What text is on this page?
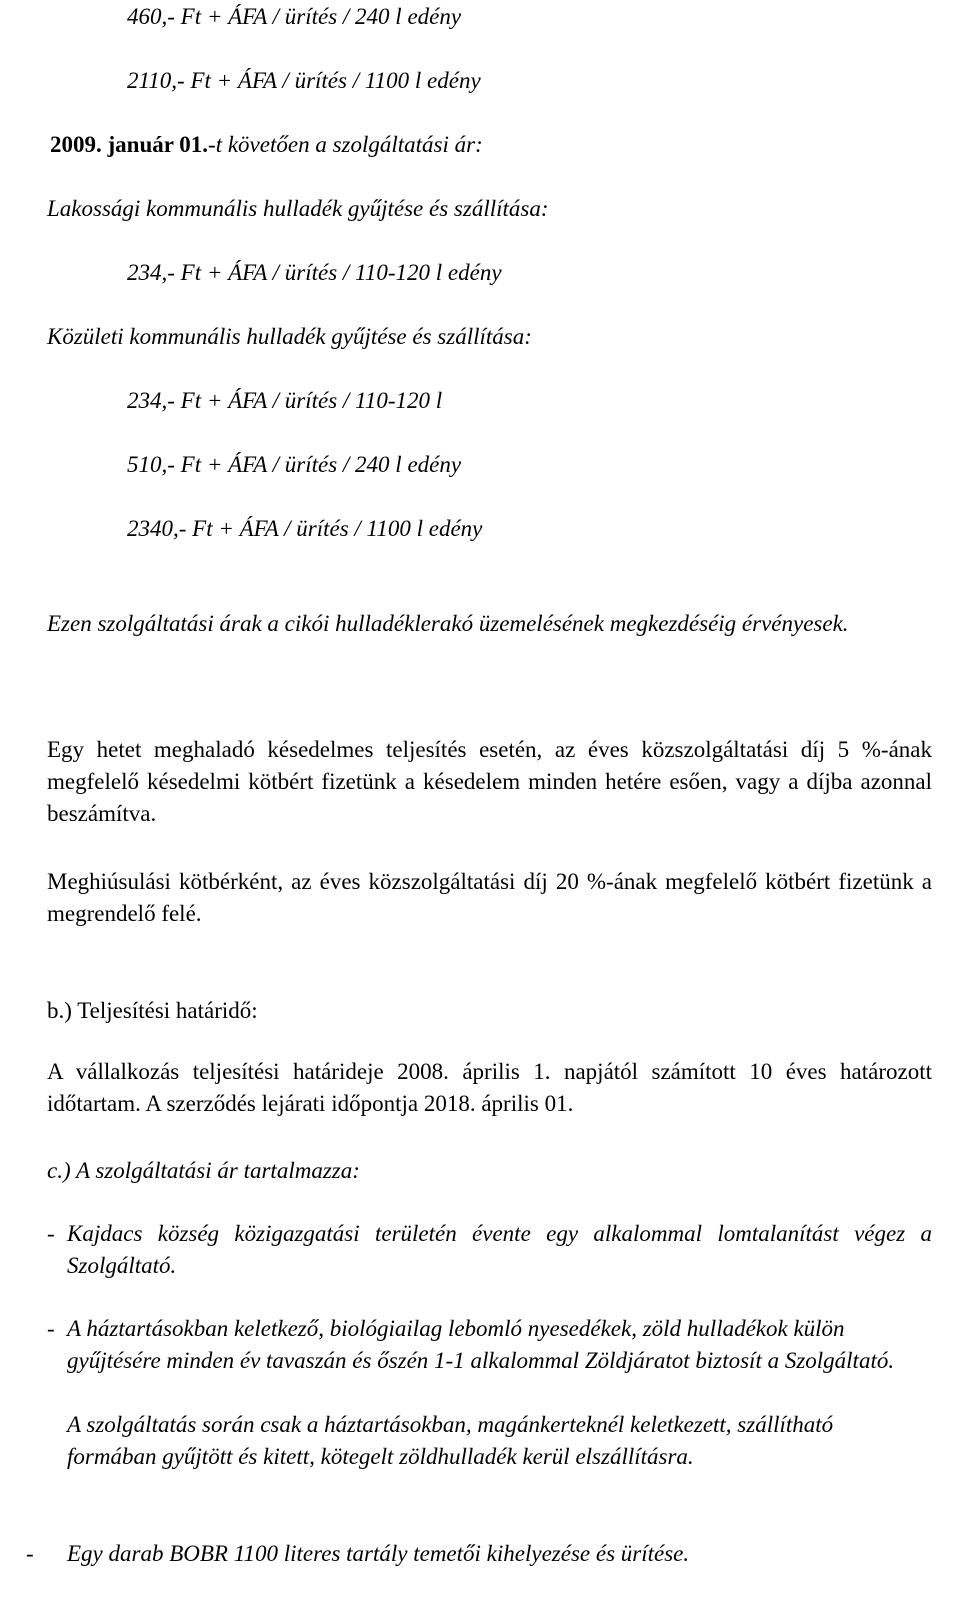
460,- Ft + ÁFA / ürítés / 240 l edény
2110,- Ft + ÁFA / ürítés / 1100 l edény
2009. január 01.-t követően a szolgáltatási ár:
Lakossági kommunális hulladék gyűjtése és szállítása:
234,- Ft + ÁFA / ürítés / 110-120 l edény
Közületi kommunális hulladék gyűjtése és szállítása:
234,- Ft + ÁFA / ürítés / 110-120 l
510,- Ft + ÁFA / ürítés / 240 l edény
2340,- Ft + ÁFA / ürítés / 1100 l edény
Ezen szolgáltatási árak a cikói hulladéklerakó üzemelésének megkezdéséig érvényesek.
Egy hetet meghaladó késedelmes teljesítés esetén, az éves közszolgáltatási díj 5 %-ának megfelelő késedelmi kötbért fizetünk a késedelem minden hetére esően, vagy a díjba azonnal beszámítva.
Meghiúsulási kötbérként, az éves közszolgáltatási díj 20 %-ának megfelelő kötbért fizetünk a megrendelő felé.
b.) Teljesítési határidő:
A vállalkozás teljesítési határideje 2008. április 1. napjától számított 10 éves határozott időtartam. A szerződés lejárati időpontja 2018. április 01.
c.) A szolgáltatási ár tartalmazza:
- Kajdacs község közigazgatási területén évente egy alkalommal lomtalanítást végez a Szolgáltató.
- A háztartásokban keletkező, biológiailag lebomló nyesedékek, zöld hulladékok külön gyűjtésére minden év tavaszán és őszén 1-1 alkalommal Zöldjáratot biztosít a Szolgáltató.
A szolgáltatás során csak a háztartásokban, magánkerteknél keletkezett, szállítható formában gyűjtött és kitett, kötegelt zöldhulladék kerül elszállításra.
- Egy darab BOBR 1100 literes tartály temetői kihelyezése és ürítése.
